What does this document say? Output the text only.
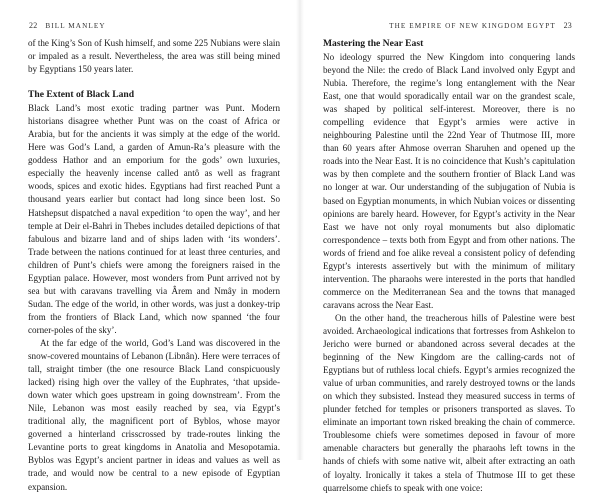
22 BILL MANLEY

of the King’s Son of Kush himself, and some 225 Nubians were slain or impaled as a result. Nevertheless, the area was still being mined by Egyptians 150 years later.

The Extent of Black Land

Black Land’s most exotic trading partner was Punt. Modern historians disagree whether Punt was on the coast of Africa or Arabia, but for the ancients it was simply at the edge of the world. Here was God’s Land, a garden of Amun-Ra’s pleasure with the goddess Hathor and an emporium for the gods’ own luxuries, especially the heavenly incense called antô as well as fragrant woods, spices and exotic hides. Egyptians had first reached Punt a thousand years earlier but contact had long since been lost. So Hatshepsut dispatched a naval expedition ‘to open the way’, and her temple at Deir el-Bahri in Thebes includes detailed depictions of that fabulous and bizarre land and of ships laden with ‘its wonders’. Trade between the nations continued for at least three centuries, and children of Punt’s chiefs were among the foreigners raised in the Egyptian palace. However, most wonders from Punt arrived not by sea but with caravans travelling via Ârem and Nmây in modern Sudan. The edge of the world, in other words, was just a donkey-trip from the frontiers of Black Land, which now spanned ‘the four corner-poles of the sky’.

At the far edge of the world, God’s Land was discovered in the snow-covered mountains of Lebanon (Libnân). Here were terraces of tall, straight timber (the one resource Black Land conspicuously lacked) rising high over the valley of the Euphrates, ‘that upside-down water which goes upstream in going downstream’. From the Nile, Lebanon was most easily reached by sea, via Egypt’s traditional ally, the magnificent port of Byblos, whose mayor governed a hinterland crisscrossed by trade-routes linking the Levantine ports to great kingdoms in Anatolia and Mesopotamia. Byblos was Egypt’s ancient partner in ideas and values as well as trade, and would now be central to a new episode of Egyptian expansion.

THE EMPIRE OF NEW KINGDOM EGYPT 23
Mastering the Near East

No ideology spurred the New Kingdom into conquering lands beyond the Nile: the credo of Black Land involved only Egypt and Nubia. Therefore, the regime’s long entanglement with the Near East, one that would sporadically entail war on the grandest scale, was shaped by political self-interest. Moreover, there is no compelling evidence that Egypt’s armies were active in neighbouring Palestine until the 22nd Year of Thutmose III, more than 60 years after Ahmose overran Sharuhen and opened up the roads into the Near East. It is no coincidence that Kush’s capitulation was by then complete and the southern frontier of Black Land was no longer at war. Our understanding of the subjugation of Nubia is based on Egyptian monuments, in which Nubian voices or dissenting opinions are barely heard. However, for Egypt’s activity in the Near East we have not only royal monuments but also diplomatic correspondence – texts both from Egypt and from other nations. The words of friend and foe alike reveal a consistent policy of defending Egypt’s interests assertively but with the minimum of military intervention. The pharaohs were interested in the ports that handled commerce on the Mediterranean Sea and the towns that managed caravans across the Near East.

On the other hand, the treacherous hills of Palestine were best avoided. Archaeological indications that fortresses from Ashkelon to Jericho were burned or abandoned across several decades at the beginning of the New Kingdom are the calling-cards not of Egyptians but of ruthless local chiefs. Egypt’s armies recognized the value of urban communities, and rarely destroyed towns or the lands on which they subsisted. Instead they measured success in terms of plunder fetched for temples or prisoners transported as slaves. To eliminate an important town risked breaking the chain of commerce. Troublesome chiefs were sometimes deposed in favour of more amenable characters but generally the pharaohs left towns in the hands of chiefs with some native wit, albeit after extracting an oath of loyalty. Ironically it takes a stela of Thutmose III to get these quarrelsome chiefs to speak with one voice:
